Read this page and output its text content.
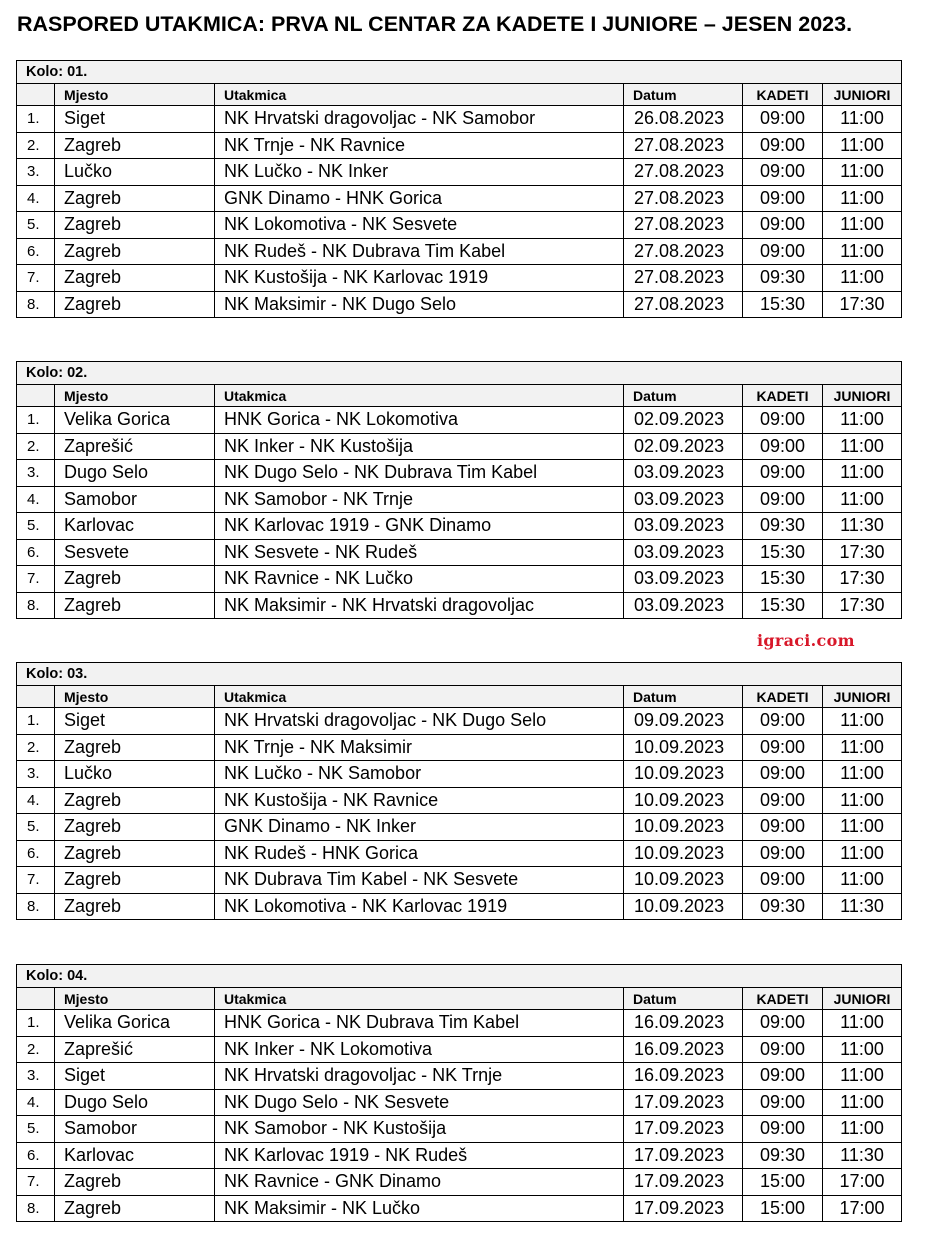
RASPORED UTAKMICA: PRVA NL CENTAR ZA KADETE I JUNIORE – JESEN 2023.
igraci.com
Kolo: 01.					
	Mjesto	Utakmica	Datum	KADETI	JUNIORI
1.	Siget	NK Hrvatski dragovoljac - NK Samobor	26.08.2023	09:00	11:00
2.	Zagreb	NK Trnje - NK Ravnice	27.08.2023	09:00	11:00
3.	Lučko	NK Lučko - NK Inker	27.08.2023	09:00	11:00
4.	Zagreb	GNK Dinamo - HNK Gorica	27.08.2023	09:00	11:00
5.	Zagreb	NK Lokomotiva - NK Sesvete	27.08.2023	09:00	11:00
6.	Zagreb	NK Rudeš - NK Dubrava Tim Kabel	27.08.2023	09:00	11:00
7.	Zagreb	NK Kustošija - NK Karlovac 1919	27.08.2023	09:30	11:00
8.	Zagreb	NK Maksimir - NK Dugo Selo	27.08.2023	15:30	17:30
Kolo: 02.					
	Mjesto	Utakmica	Datum	KADETI	JUNIORI
1.	Velika Gorica	HNK Gorica - NK Lokomotiva	02.09.2023	09:00	11:00
2.	Zaprešić	NK Inker - NK Kustošija	02.09.2023	09:00	11:00
3.	Dugo Selo	NK Dugo Selo - NK Dubrava Tim Kabel	03.09.2023	09:00	11:00
4.	Samobor	NK Samobor - NK Trnje	03.09.2023	09:00	11:00
5.	Karlovac	NK Karlovac 1919 - GNK Dinamo	03.09.2023	09:30	11:30
6.	Sesvete	NK Sesvete - NK Rudeš	03.09.2023	15:30	17:30
7.	Zagreb	NK Ravnice - NK Lučko	03.09.2023	15:30	17:30
8.	Zagreb	NK Maksimir - NK Hrvatski dragovoljac	03.09.2023	15:30	17:30
Kolo: 03.					
	Mjesto	Utakmica	Datum	KADETI	JUNIORI
1.	Siget	NK Hrvatski dragovoljac - NK Dugo Selo	09.09.2023	09:00	11:00
2.	Zagreb	NK Trnje - NK Maksimir	10.09.2023	09:00	11:00
3.	Lučko	NK Lučko - NK Samobor	10.09.2023	09:00	11:00
4.	Zagreb	NK Kustošija - NK Ravnice	10.09.2023	09:00	11:00
5.	Zagreb	GNK Dinamo - NK Inker	10.09.2023	09:00	11:00
6.	Zagreb	NK Rudeš - HNK Gorica	10.09.2023	09:00	11:00
7.	Zagreb	NK Dubrava Tim Kabel - NK Sesvete	10.09.2023	09:00	11:00
8.	Zagreb	NK Lokomotiva - NK Karlovac 1919	10.09.2023	09:30	11:30
Kolo: 04.					
	Mjesto	Utakmica	Datum	KADETI	JUNIORI
1.	Velika Gorica	HNK Gorica - NK Dubrava Tim Kabel	16.09.2023	09:00	11:00
2.	Zaprešić	NK Inker - NK Lokomotiva	16.09.2023	09:00	11:00
3.	Siget	NK Hrvatski dragovoljac - NK Trnje	16.09.2023	09:00	11:00
4.	Dugo Selo	NK Dugo Selo - NK Sesvete	17.09.2023	09:00	11:00
5.	Samobor	NK Samobor - NK Kustošija	17.09.2023	09:00	11:00
6.	Karlovac	NK Karlovac 1919 - NK Rudeš	17.09.2023	09:30	11:30
7.	Zagreb	NK Ravnice - GNK Dinamo	17.09.2023	15:00	17:00
8.	Zagreb	NK Maksimir - NK Lučko	17.09.2023	15:00	17:00
